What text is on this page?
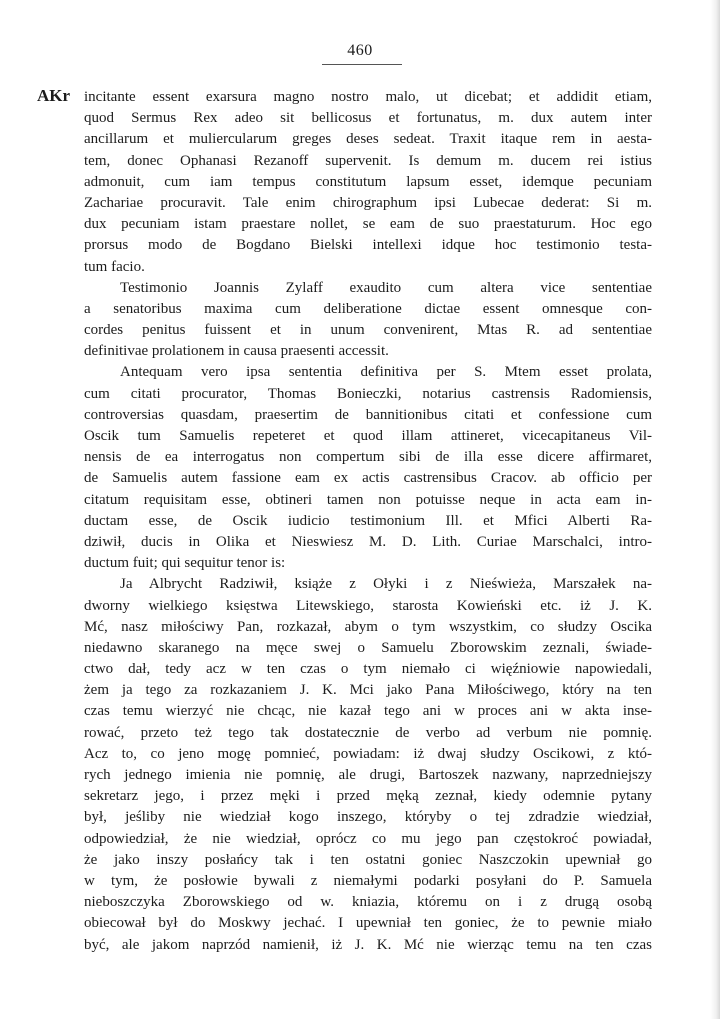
460
AKr incitante essent exarsura magno nostro malo, ut dicebat; et addidit etiam,
quod Sermus Rex adeo sit bellicosus et fortunatus, m. dux autem inter
ancillarum et muliercularum greges deses sedeat. Traxit itaque rem in aesta-
tem, donec Ophanasi Rezanoff supervenit. Is demum m. ducem rei istius
admonuit, cum iam tempus constitutum lapsum esset, idemque pecuniam
Zachariae procuravit. Tale enim chirographum ipsi Lubecae dederat: Si m.
dux pecuniam istam praestare nollet, se eam de suo praestaturum. Hoc ego
prorsus modo de Bogdano Bielski intellexi idque hoc testimonio testa-
tum facio.
Testimonio Joannis Zylaff exaudito cum altera vice sententiae
a senatoribus maxima cum deliberatione dictae essent omnesque con-
cordes penitus fuissent et in unum convenirent, Mtas R. ad sententiae
definitivae prolationem in causa praesenti accessit.
Antequam vero ipsa sententia definitiva per S. Mtem esset prolata,
cum citati procurator, Thomas Bonieczki, notarius castrensis Radomiensis,
controversias quasdam, praesertim de bannitionibus citati et confessione cum
Oscik tum Samuelis repeteret et quod illam attineret, vicecapitaneus Vil-
nensis de ea interrogatus non compertum sibi de illa esse dicere affirmaret,
de Samuelis autem fassione eam ex actis castrensibus Cracov. ab officio per
citatum requisitam esse, obtineri tamen non potuisse neque in acta eam in-
ductam esse, de Oscik iudicio testimonium Ill. et Mfici Alberti Ra-
dziwił, ducis in Olika et Nieswiesz M. D. Lith. Curiae Marschalci, intro-
ductum fuit; qui sequitur tenor is:
Ja Albrycht Radziwił, książe z Ołyki i z Nieświeża, Marszałek na-
dworny wielkiego księstwa Litewskiego, starosta Kowieński etc. iż J. K.
Mć, nasz miłościwy Pan, rozkazał, abym o tym wszystkim, co słudzy Oscika
niedawno skaranego na męce swej o Samuelu Zborowskim zeznali, świade-
ctwo dał, tedy acz w ten czas o tym niemało ci więźniowie napowiedali,
żem ja tego za rozkazaniem J. K. Mci jako Pana Miłościwego, który na ten
czas temu wierzyć nie chcąc, nie kazał tego ani w proces ani w akta inse-
rować, przeto też tego tak dostatecznie de verbo ad verbum nie pomnię.
Acz to, co jeno mogę pomnieć, powiadam: iż dwaj słudzy Oscikowi, z któ-
rych jednego imienia nie pomnię, ale drugi, Bartoszek nazwany, naprzedniejszy
sekretarz jego, i przez męki i przed męką zeznał, kiedy odemnie pytany
był, jeśliby nie wiedział kogo inszego, któryby o tej zdradzie wiedział,
odpowiedział, że nie wiedział, oprócz co mu jego pan częstokroć powiadał,
że jako inszy posłańcy tak i ten ostatni goniec Naszczokin upewniał go
w tym, że posłowie bywali z niemałymi podarki posyłani do P. Samuela
nieboszczyka Zborowskiego od w. kniazia, któremu on i z drugą osobą
obiecował był do Moskwy jechać. I upewniał ten goniec, że to pewnie miało
być, ale jakom naprzód namienił, iż J. K. Mć nie wierząc temu na ten czas
